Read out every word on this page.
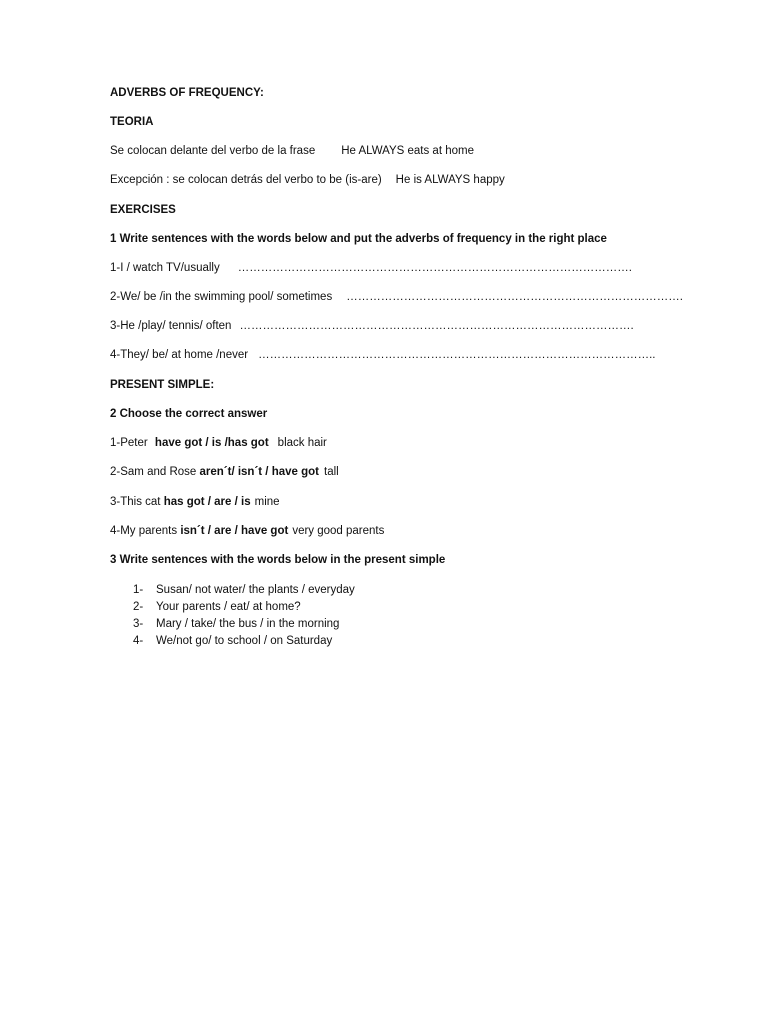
ADVERBS OF FREQUENCY:
TEORIA
Se colocan delante del verbo de la frase He ALWAYS eats at home
Excepción : se colocan detrás del verbo to be (is-are) He is ALWAYS happy
EXERCISES
1 Write sentences with the words below and put the adverbs of frequency in the right place
1-I / watch TV/usually ………………………………………………………………………………………….
2-We/ be /in the swimming pool/ sometimes …………………………………………………………………………….
3-He /play/ tennis/ often ………………………………………………………………………………………….
4-They/ be/ at home /never …………………………………………………………………………………………..
PRESENT SIMPLE:
2 Choose the correct answer
1-Peter have got / is /has got black hair
2-Sam and Rose aren´t/ isn´t / have got tall
3-This cat has got / are / is mine
4-My parents isn´t / are / have got very good parents
3 Write sentences with the words below in the present simple
1- Susan/ not water/ the plants / everyday
2- Your parents / eat/ at home?
3- Mary / take/ the bus / in the morning
4- We/not go/ to school / on Saturday
